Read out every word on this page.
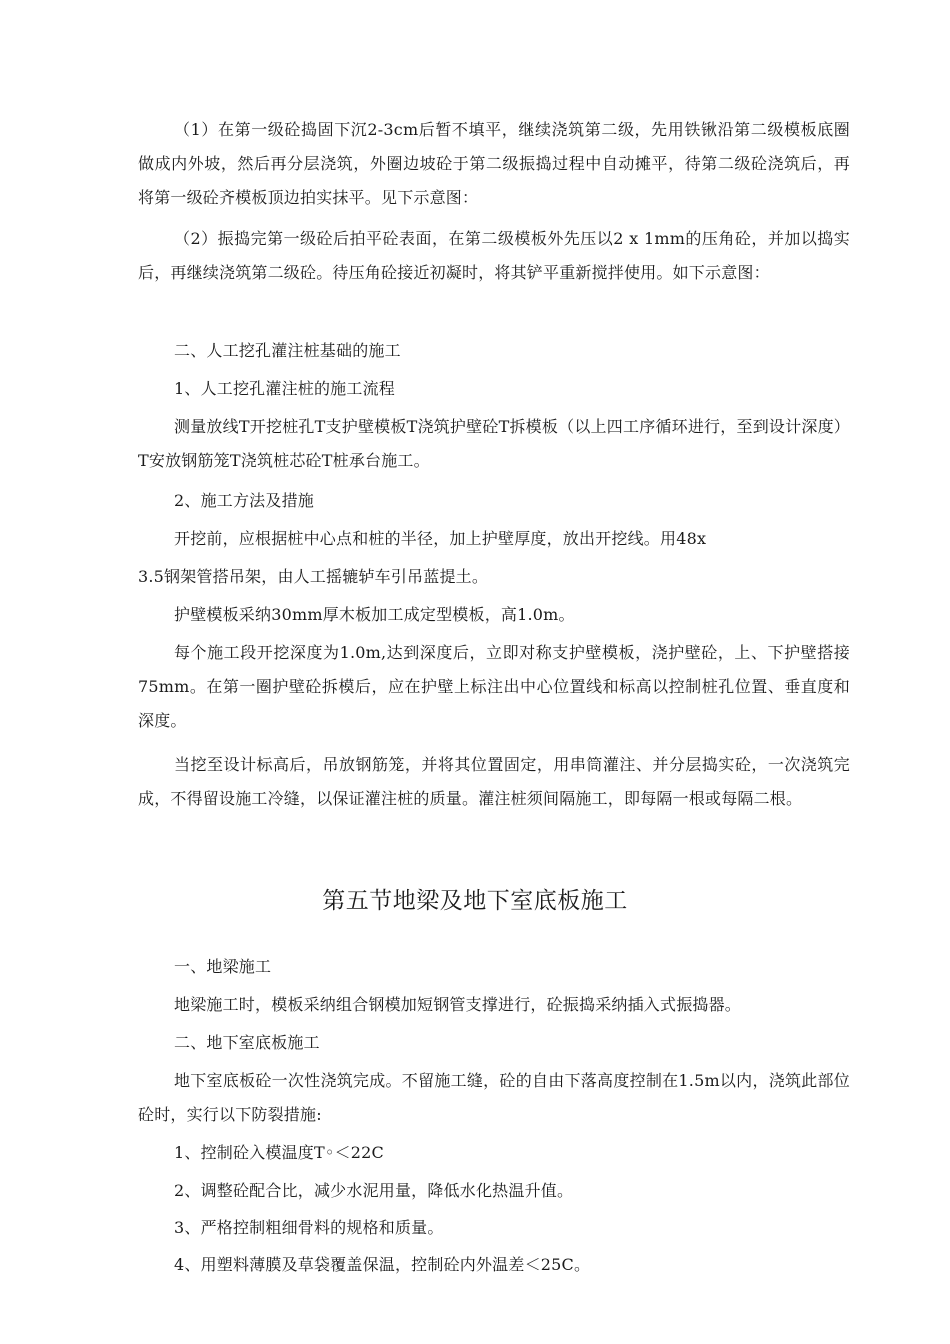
（1）在第一级砼捣固下沉2-3cm后暂不填平，继续浇筑第二级，先用铁锹沿第二级模板底圈做成内外坡，然后再分层浇筑，外圈边坡砼于第二级振捣过程中自动摊平，待第二级砼浇筑后，再将第一级砼齐模板顶边拍实抹平。见下示意图：
（2）振捣完第一级砼后拍平砼表面，在第二级模板外先压以2 x 1mm的压角砼，并加以捣实后，再继续浇筑第二级砼。待压角砼接近初凝时，将其铲平重新搅拌使用。如下示意图：
二、人工挖孔灌注桩基础的施工
1、人工挖孔灌注桩的施工流程
测量放线T开挖桩孔T支护壁模板T浇筑护壁砼T拆模板（以上四工序循环进行，至到设计深度）T安放钢筋笼T浇筑桩芯砼T桩承台施工。
2、施工方法及措施
开挖前，应根据桩中心点和桩的半径，加上护壁厚度，放出开挖线。用48x
3.5钢架管搭吊架，由人工摇辘轳车引吊蓝提土。
护壁模板采纳30mm厚木板加工成定型模板，高1.0m。
每个施工段开挖深度为1.0m,达到深度后，立即对称支护壁模板，浇护壁砼，上、下护壁搭接75mm。在第一圈护壁砼拆模后，应在护壁上标注出中心位置线和标高以控制桩孔位置、垂直度和深度。
当挖至设计标高后，吊放钢筋笼，并将其位置固定，用串筒灌注、并分层捣实砼，一次浇筑完成，不得留设施工冷缝，以保证灌注桩的质量。灌注桩须间隔施工，即每隔一根或每隔二根。
第五节地梁及地下室底板施工
一、地梁施工
地梁施工时，模板采纳组合钢模加短钢管支撑进行，砼振捣采纳插入式振捣器。
二、地下室底板施工
地下室底板砼一次性浇筑完成。不留施工缝，砼的自由下落高度控制在1.5m以内，浇筑此部位砼时，实行以下防裂措施:
1、控制砼入模温度T◦＜22C
2、调整砼配合比，减少水泥用量，降低水化热温升值。
3、严格控制粗细骨料的规格和质量。
4、用塑料薄膜及草袋覆盖保温，控制砼内外温差＜25C。
